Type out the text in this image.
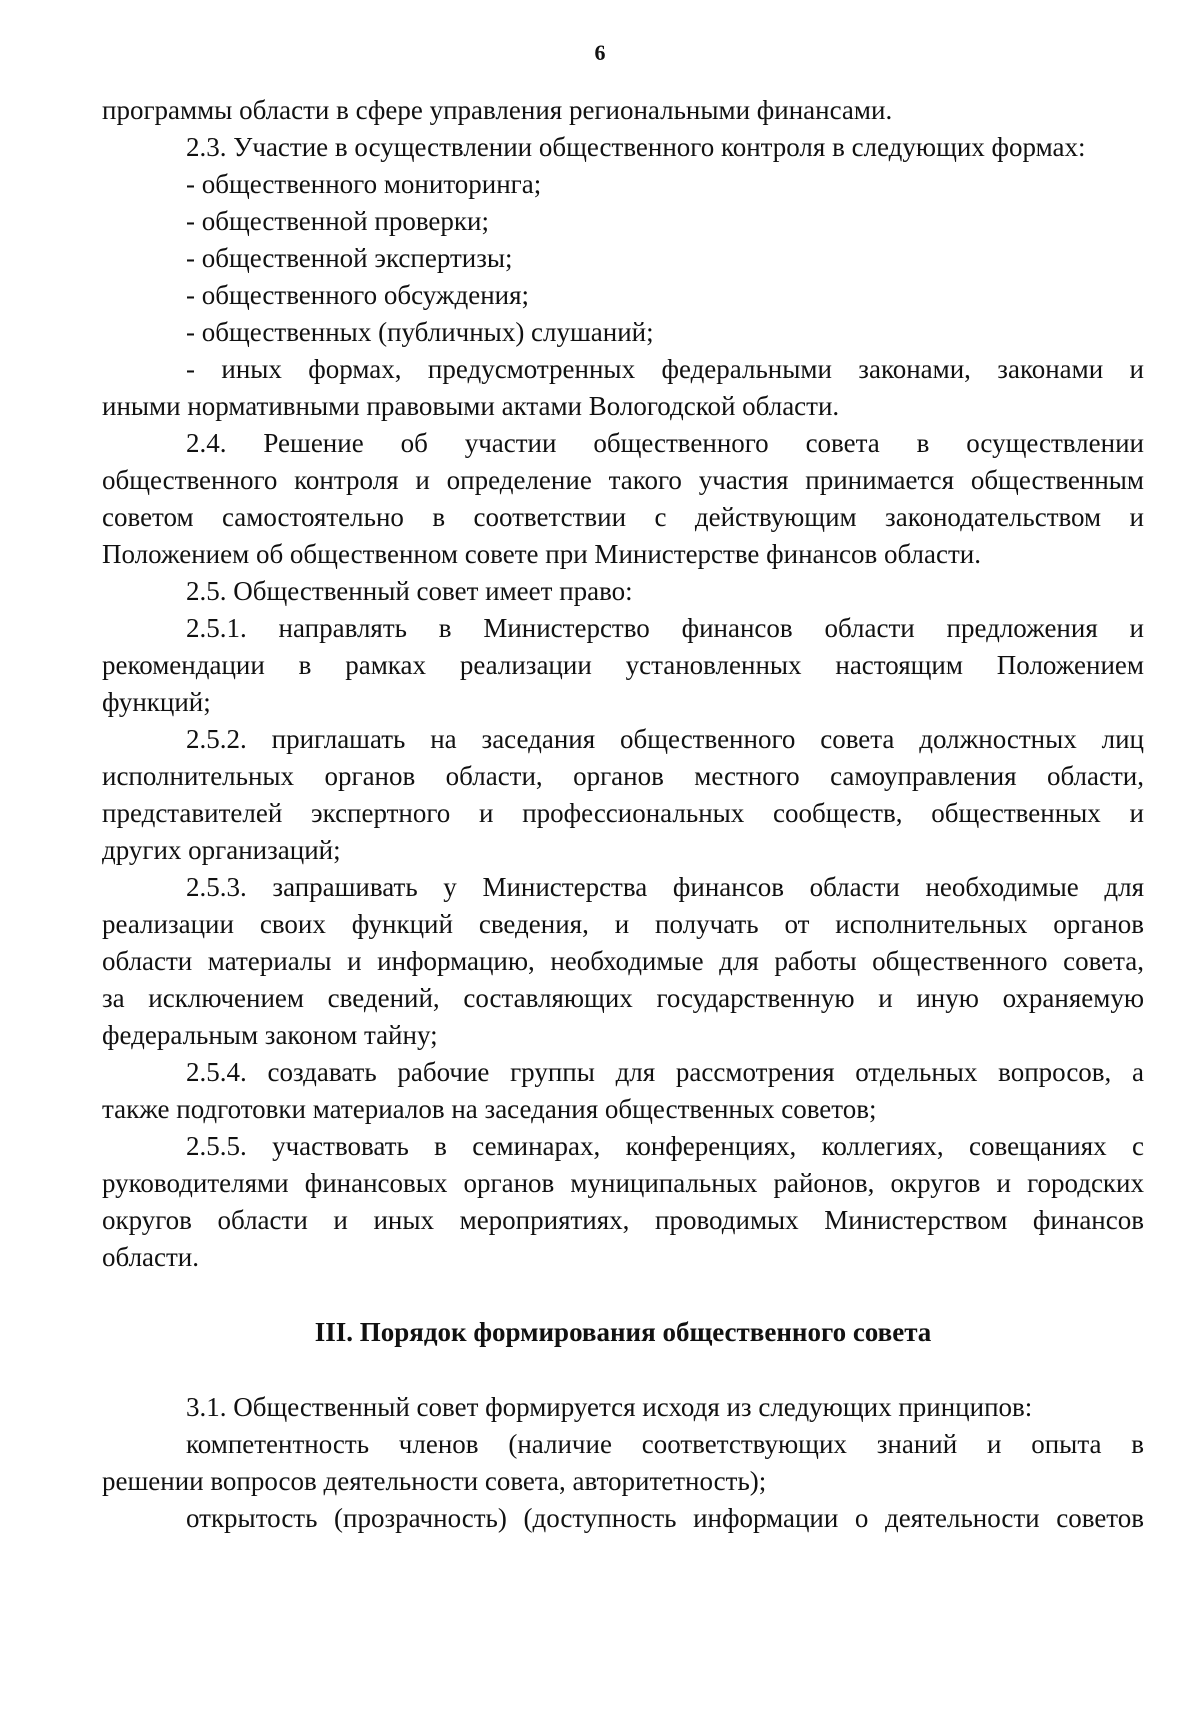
6
программы области в сфере управления региональными финансами.
2.3. Участие в осуществлении общественного контроля в следующих формах:
- общественного мониторинга;
- общественной проверки;
- общественной экспертизы;
- общественного обсуждения;
- общественных (публичных) слушаний;
- иных формах, предусмотренных федеральными законами, законами и
иными нормативными правовыми актами Вологодской области.
2.4. Решение об участии общественного совета в осуществлении
общественного контроля и определение такого участия принимается общественным
советом самостоятельно в соответствии с действующим законодательством и
Положением об общественном совете при Министерстве финансов области.
2.5. Общественный совет имеет право:
2.5.1. направлять в Министерство финансов области предложения и
рекомендации в рамках реализации установленных настоящим Положением
функций;
2.5.2. приглашать на заседания общественного совета должностных лиц
исполнительных органов области, органов местного самоуправления области,
представителей экспертного и профессиональных сообществ, общественных и
других организаций;
2.5.3. запрашивать у Министерства финансов области необходимые для
реализации своих функций сведения, и получать от исполнительных органов
области материалы и информацию, необходимые для работы общественного совета,
за исключением сведений, составляющих государственную и иную охраняемую
федеральным законом тайну;
2.5.4. создавать рабочие группы для рассмотрения отдельных вопросов, а
также подготовки материалов на заседания общественных советов;
2.5.5. участвовать в семинарах, конференциях, коллегиях, совещаниях с
руководителями финансовых органов муниципальных районов, округов и городских
округов области и иных мероприятиях, проводимых Министерством финансов
области.
III. Порядок формирования общественного совета
3.1. Общественный совет формируется исходя из следующих принципов:
компетентность членов (наличие соответствующих знаний и опыта в
решении вопросов деятельности совета, авторитетность);
открытость (прозрачность) (доступность информации о деятельности советов
